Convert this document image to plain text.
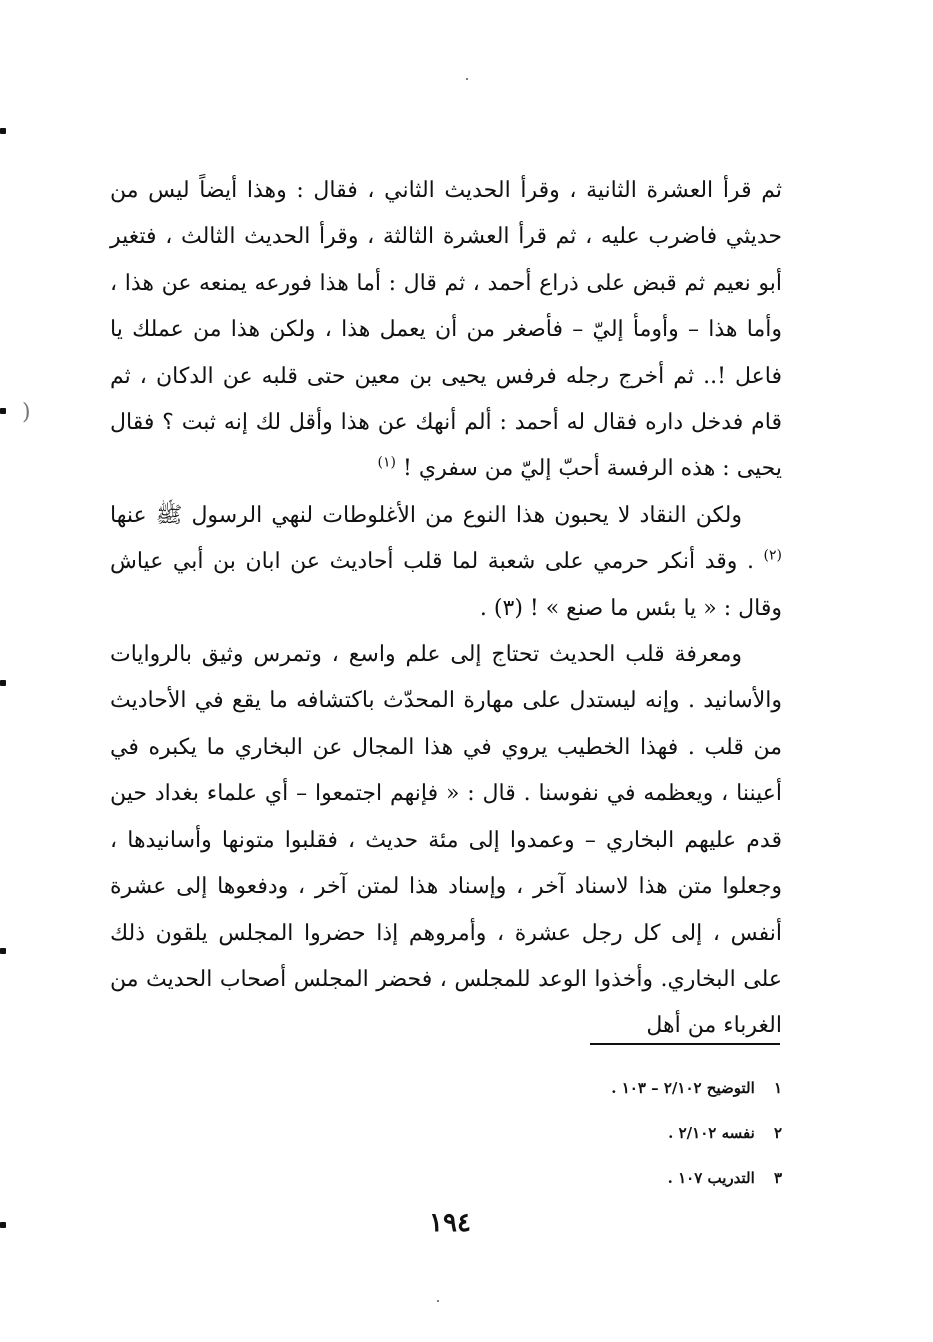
)

ثم قرأ العشرة الثانية ، وقرأ الحديث الثاني ، فقال : وهذا أيضاً ليس من حديثي فاضرب عليه ، ثم قرأ العشرة الثالثة ، وقرأ الحديث الثالث ، فتغير أبو نعيم ثم قبض على ذراع أحمد ، ثم قال : أما هذا فورعه يمنعه عن هذا ، وأما هذا – وأومأ إليّ – فأصغر من أن يعمل هذا ، ولكن هذا من عملك يا فاعل !.. ثم أخرج رجله فرفس يحيى بن معين حتى قلبه عن الدكان ، ثم قام فدخل داره فقال له أحمد : ألم أنهك عن هذا وأقل لك إنه ثبت ؟ فقال يحيى : هذه الرفسة أحبّ إليّ من سفري ! $^{(١)}$

ولكن النقاد لا يحبون هذا النوع من الأغلوطات لنهي الرسول ﷺ عنها $^{(٢)}$ . وقد أنكر حرمي على شعبة لما قلب أحاديث عن ابان بن أبي عياش وقال : « يا بئس ما صنع » ! (٣) .

ومعرفة قلب الحديث تحتاج إلى علم واسع ، وتمرس وثيق بالروايات والأسانيد . وإنه ليستدل على مهارة المحدّث باكتشافه ما يقع في الأحاديث من قلب . فهذا الخطيب يروي في هذا المجال عن البخاري ما يكبره في أعيننا ، ويعظمه في نفوسنا . قال : « فإنهم اجتمعوا – أي علماء بغداد حين قدم عليهم البخاري – وعمدوا إلى مئة حديث ، فقلبوا متونها وأسانيدها ، وجعلوا متن هذا لاسناد آخر ، وإسناد هذا لمتن آخر ، ودفعوها إلى عشرة أنفس ، إلى كل رجل عشرة ، وأمروهم إذا حضروا المجلس يلقون ذلك على البخاري. وأخذوا الوعد للمجلس ، فحضر المجلس أصحاب الحديث من الغرباء من أهل

١ التوضيح ٢/١٠٢ – ١٠٣ .
٢ نفسه ٢/١٠٢ .
٣ التدريب ١٠٧ .
١٩٤
